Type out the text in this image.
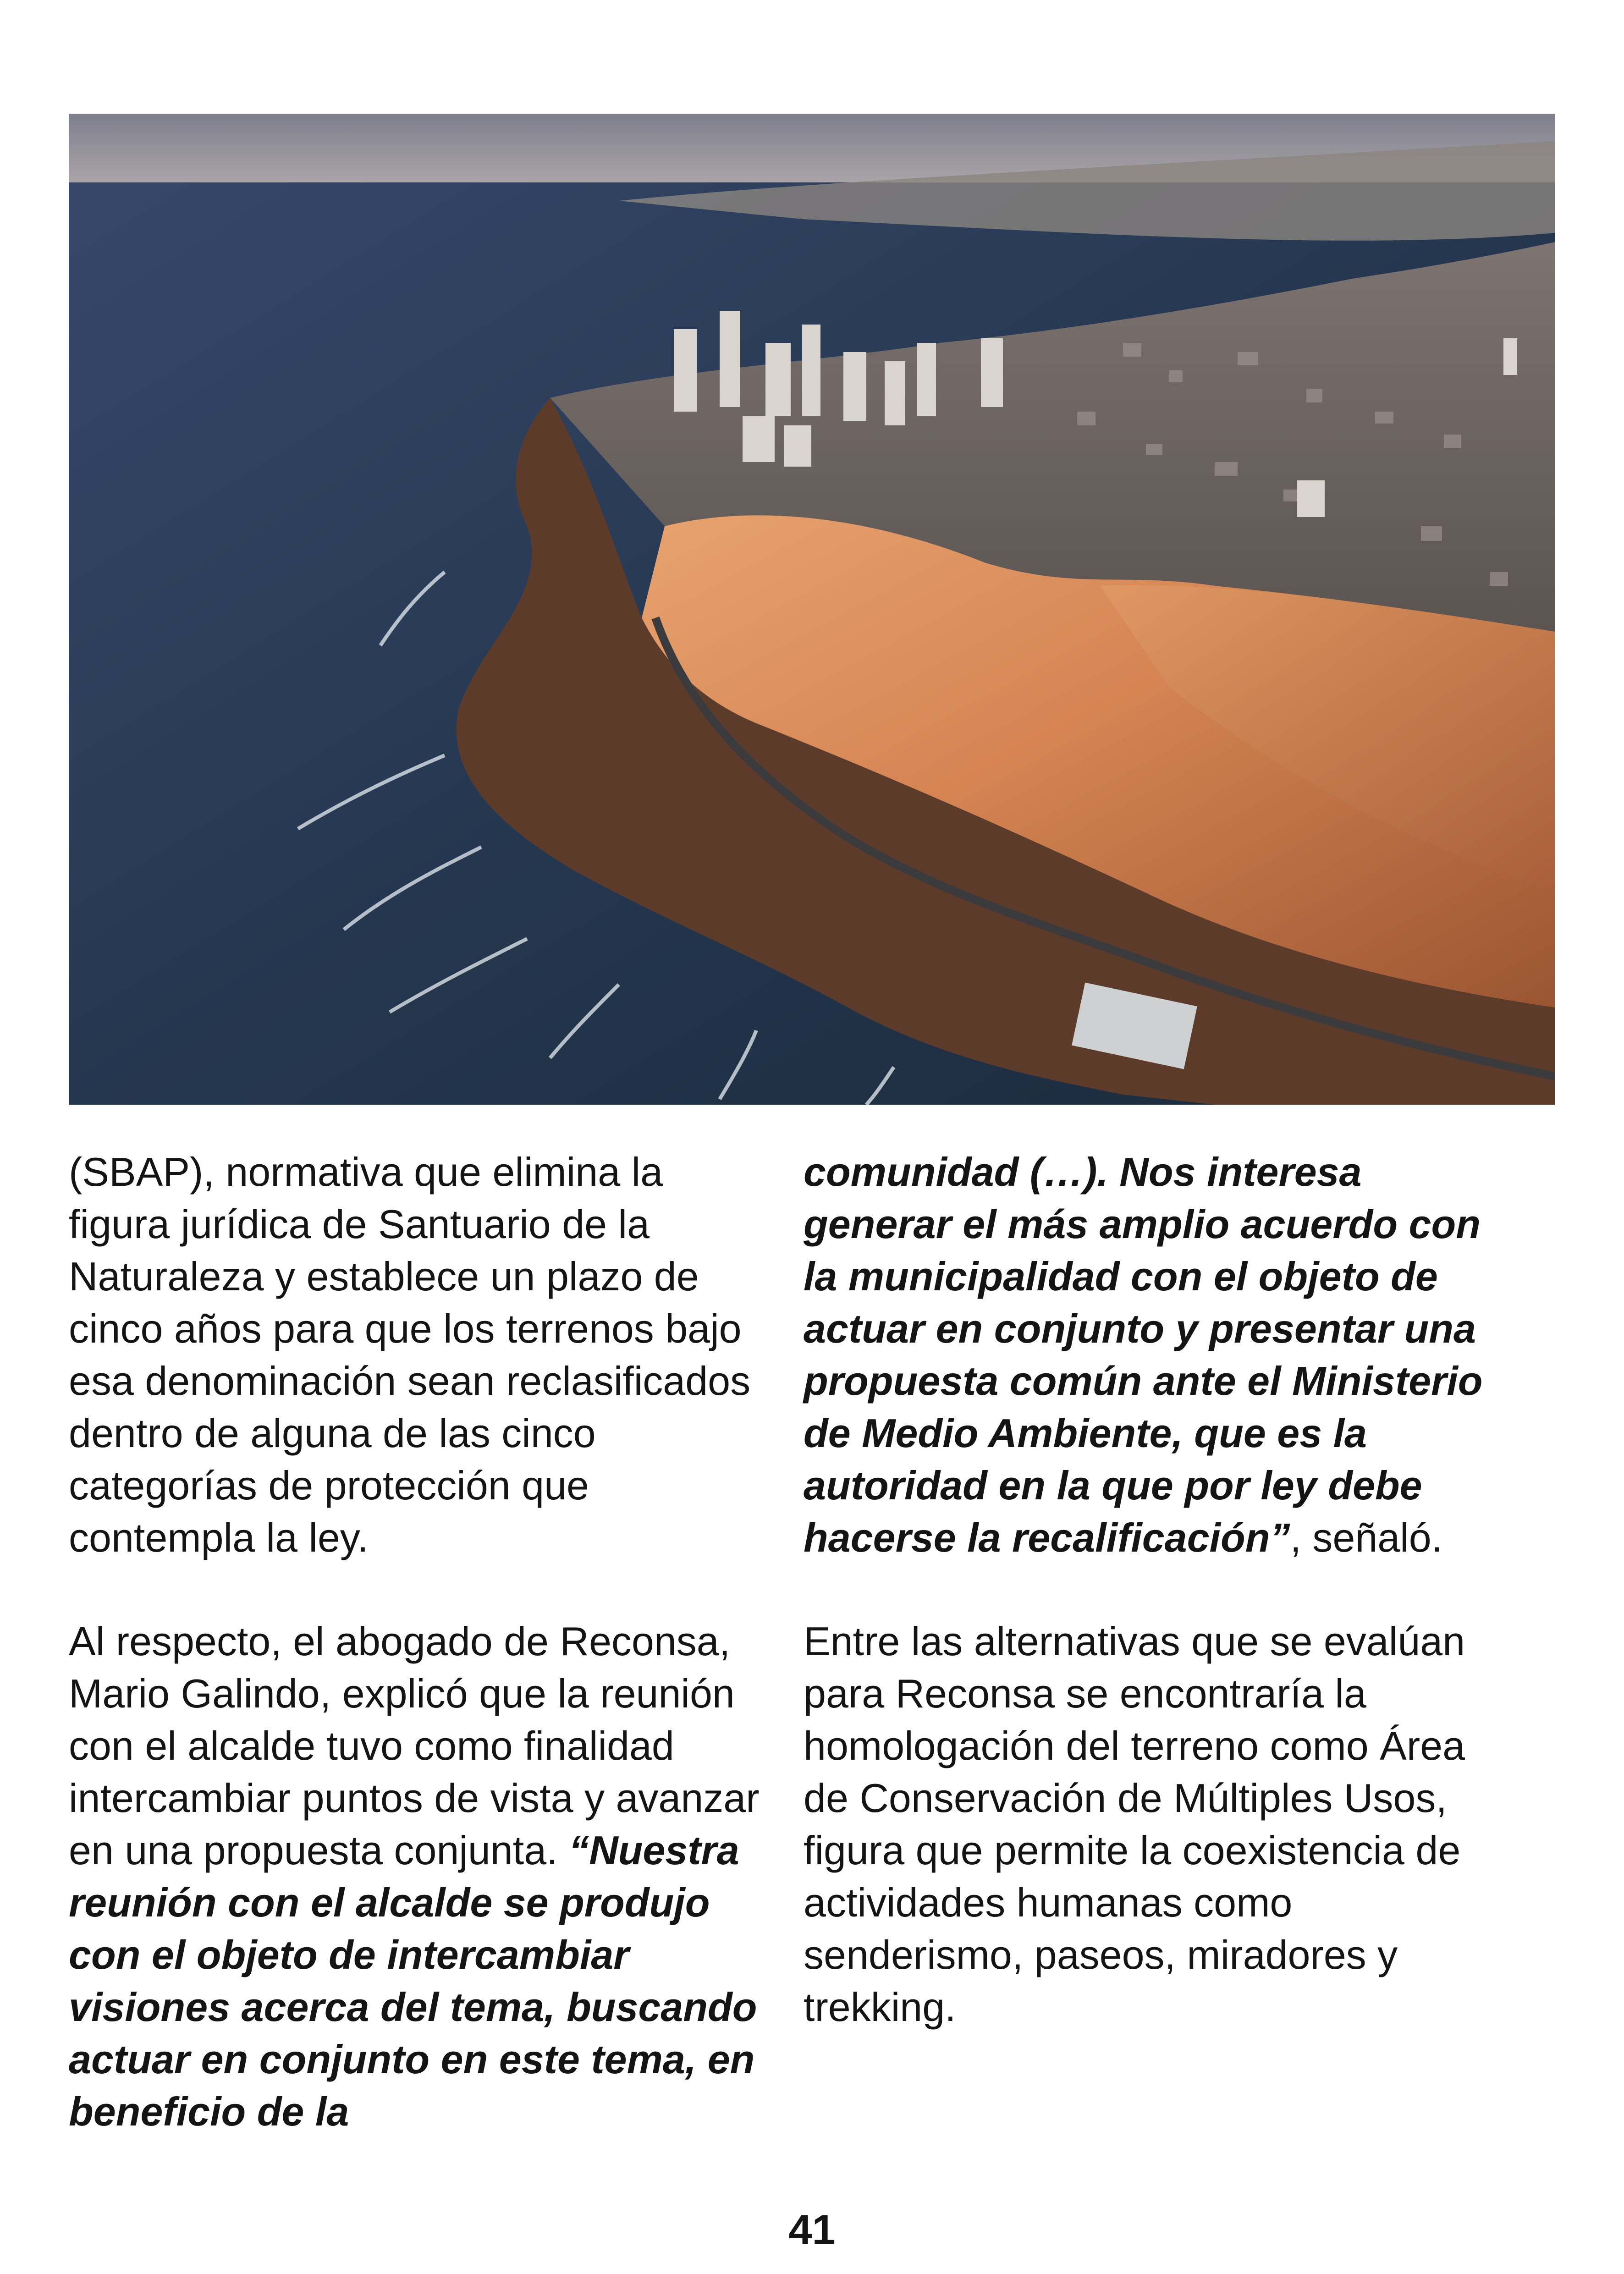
(SBAP), normativa que elimina la figura jurídica de Santuario de la Naturaleza y establece un plazo de cinco años para que los terrenos bajo esa denominación sean reclasificados dentro de alguna de las cinco categorías de protección que contempla la ley.

Al respecto, el abogado de Reconsa, Mario Galindo, explicó que la reunión con el alcalde tuvo como finalidad intercambiar puntos de vista y avanzar en una propuesta conjunta. “Nuestra reunión con el alcalde se produjo con el objeto de intercambiar visiones acerca del tema, buscando actuar en conjunto en este tema, en beneficio de la

comunidad (…). Nos interesa generar el más amplio acuerdo con la municipalidad con el objeto de actuar en conjunto y presentar una propuesta común ante el Ministerio de Medio Ambiente, que es la autoridad en la que por ley debe hacerse la recalificación”, señaló.

Entre las alternativas que se evalúan para Reconsa se encontraría la homologación del terreno como Área de Conservación de Múltiples Usos, figura que permite la coexistencia de actividades humanas como senderismo, paseos, miradores y trekking.

41
